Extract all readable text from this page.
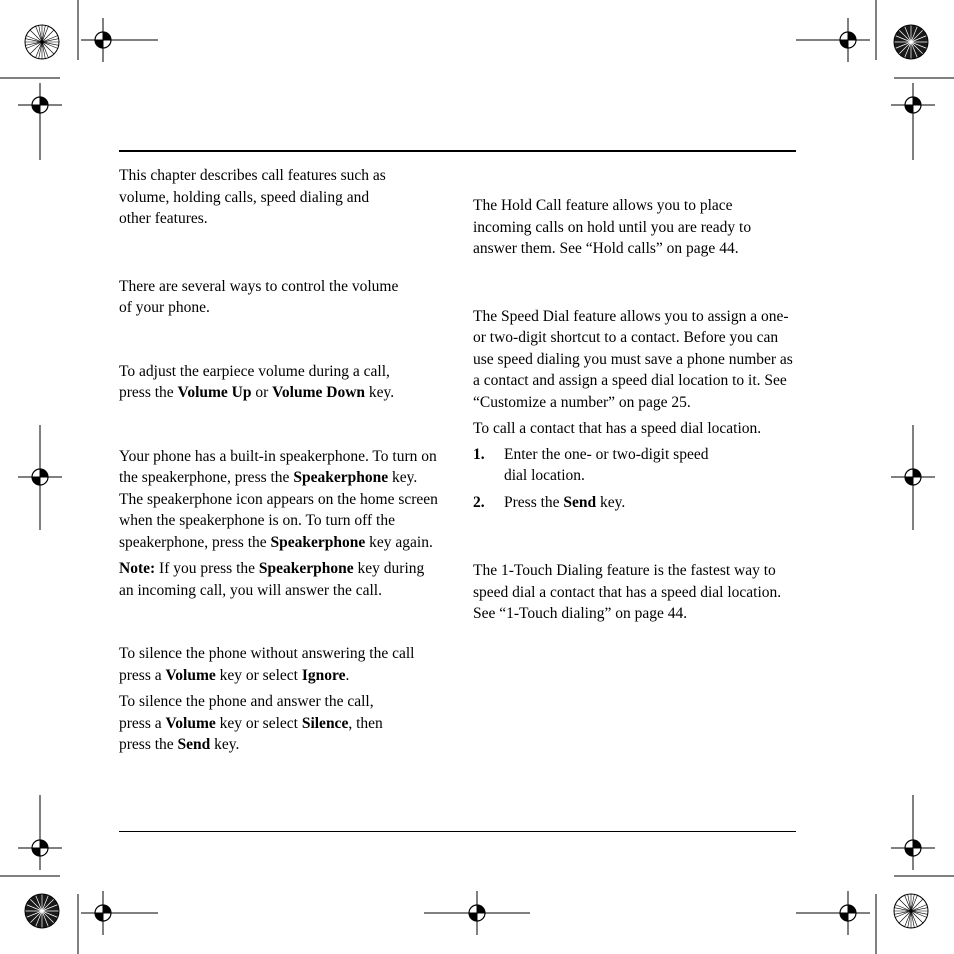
This chapter describes call features such as volume, holding calls, speed dialing and other features.

There are several ways to control the volume of your phone.

To adjust the earpiece volume during a call, press the Volume Up or Volume Down key.

Your phone has a built-in speakerphone. To turn on the speakerphone, press the Speakerphone key. The speakerphone icon appears on the home screen when the speakerphone is on. To turn off the speakerphone, press the Speakerphone key again.

Note: If you press the Speakerphone key during an incoming call, you will answer the call.

To silence the phone without answering the call press a Volume key or select Ignore.

To silence the phone and answer the call, press a Volume key or select Silence, then press the Send key.

The Hold Call feature allows you to place incoming calls on hold until you are ready to answer them. See “Hold calls” on page 44.

The Speed Dial feature allows you to assign a one- or two-digit shortcut to a contact. Before you can use speed dialing you must save a phone number as a contact and assign a speed dial location to it. See “Customize a number” on page 25.

To call a contact that has a speed dial location.

1.	Enter the one- or two-digit speed dial location.
2.	Press the Send key.

The 1-Touch Dialing feature is the fastest way to speed dial a contact that has a speed dial location. See “1-Touch dialing” on page 44.
